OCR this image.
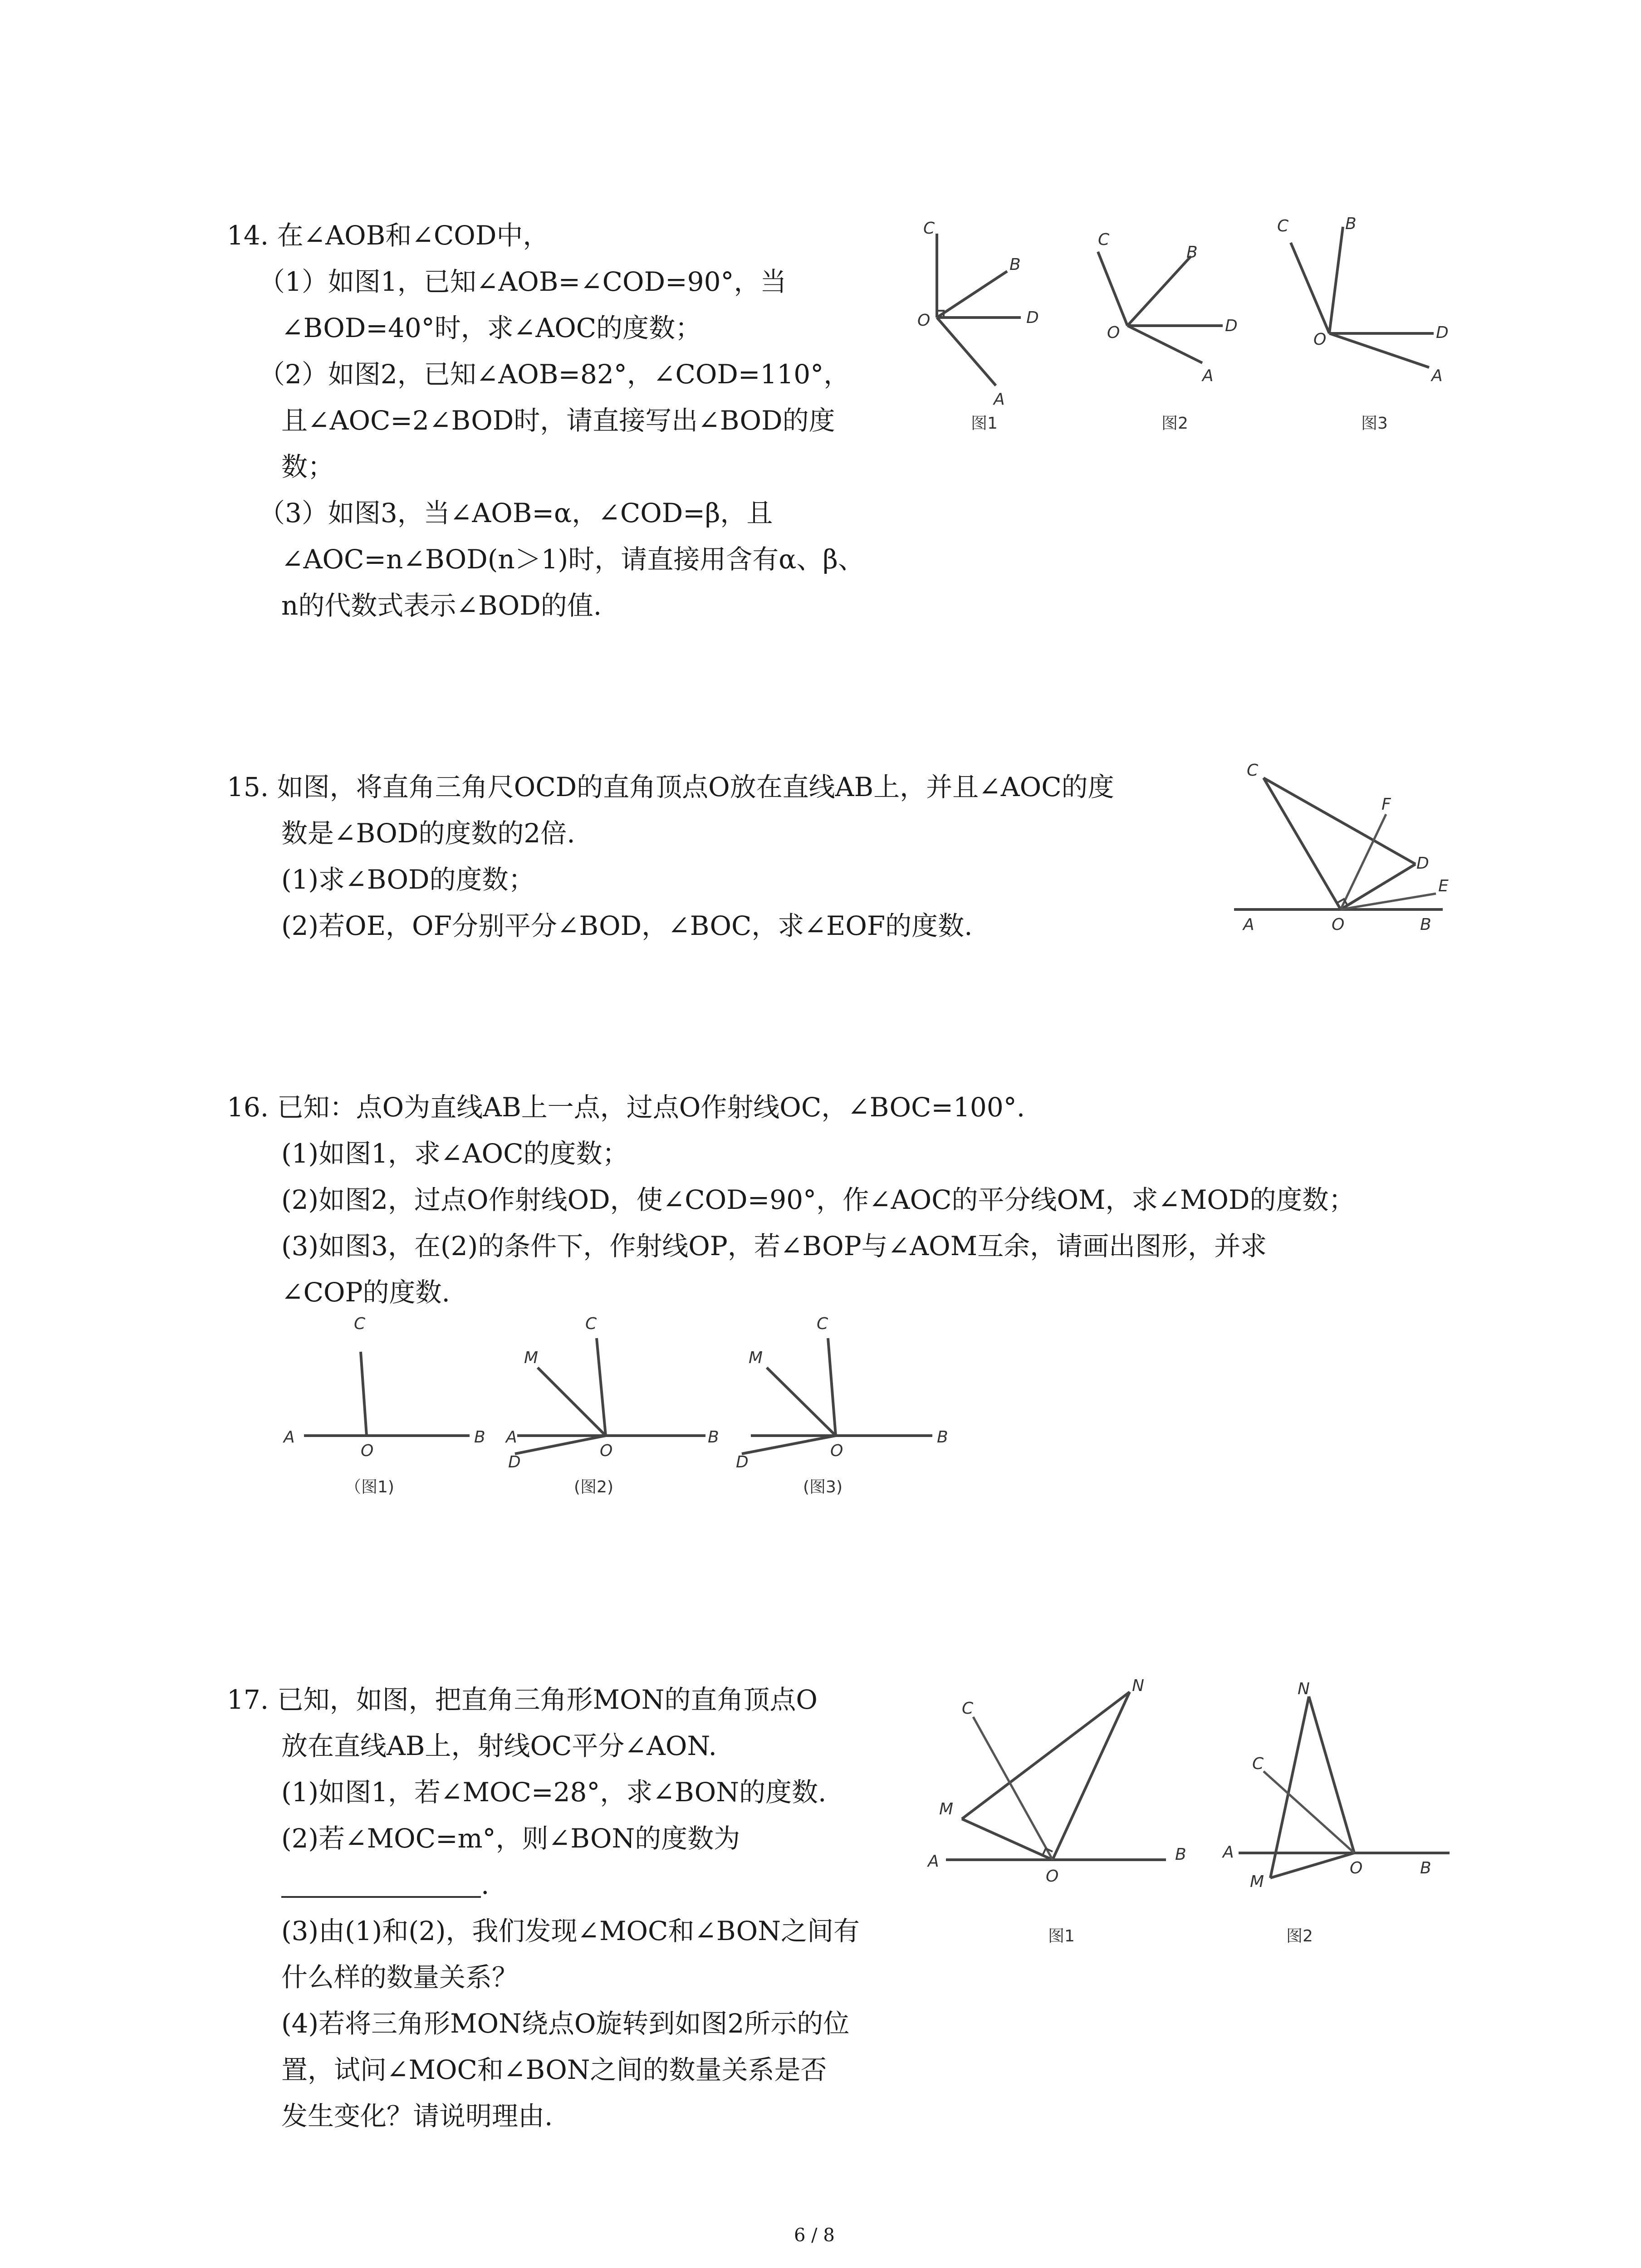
14. 在∠AOB和∠COD中，
（1）如图1，已知∠AOB=∠COD=90°，当
∠BOD=40°时，求∠AOC的度数；
（2）如图2，已知∠AOB=82°，∠COD=110°，
且∠AOC=2∠BOD时，请直接写出∠BOD的度
数；
（3）如图3，当∠AOB=α，∠COD=β，且
∠AOC=n∠BOD(n＞1)时，请直接用含有α、β、
n的代数式表示∠BOD的值.
C
B
O	D
A
图1
C
B
O	D
A
图2
C	B
O	D
A
图3
15. 如图，将直角三角尺OCD的直角顶点O放在直线AB上，并且∠AOC的度
数是∠BOD的度数的2倍.
(1)求∠BOD的度数；
(2)若OE，OF分别平分∠BOD，∠BOC，求∠EOF的度数.
C
F
D
E
A	O	B
16. 已知：点O为直线AB上一点，过点O作射线OC，∠BOC=100°.
(1)如图1，求∠AOC的度数；
(2)如图2，过点O作射线OD，使∠COD=90°，作∠AOC的平分线OM，求∠MOD的度数；
(3)如图3，在(2)的条件下，作射线OP，若∠BOP与∠AOM互余，请画出图形，并求
∠COP的度数.
C
A
O
B
（图1)
C
M
A
D
O
B
(图2)
C
M
D
O
B
(图3)
17. 已知，如图，把直角三角形MON的直角顶点O
放在直线AB上，射线OC平分∠AON.
(1)如图1，若∠MOC=28°，求∠BON的度数.
(2)若∠MOC=m°，则∠BON的度数为
.
(3)由(1)和(2)，我们发现∠MOC和∠BON之间有
什么样的数量关系？
(4)若将三角形MON绕点O旋转到如图2所示的位
置，试问∠MOC和∠BON之间的数量关系是否
发生变化？请说明理由.
C
N
M
A
O
B
图1
N
C
A
M
O	B
图2
6 / 8
